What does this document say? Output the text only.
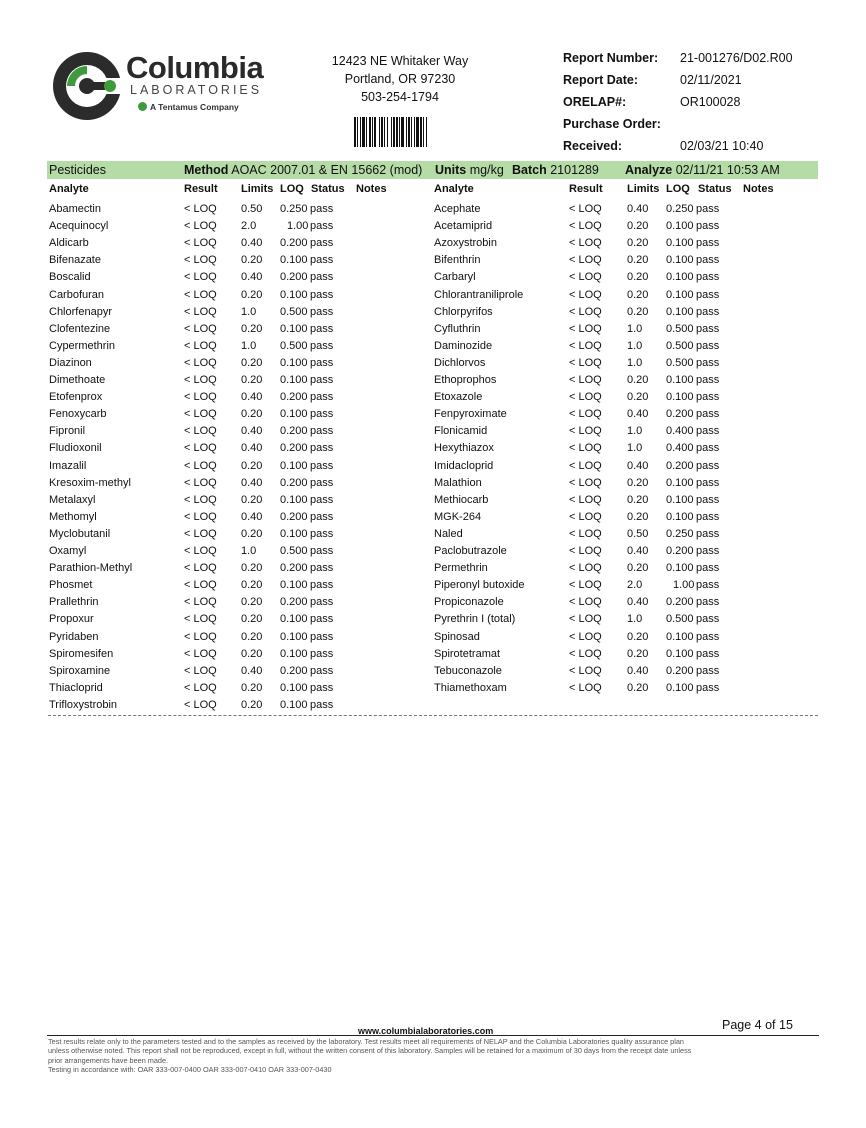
Columbia
LABORATORIES
A Tentamus Company
12423 NE Whitaker Way
Portland, OR 97230
503-254-1794
Report Number: 21-001276/D02.R00
Report Date:	02/11/2021
ORELAP#:	OR100028
Purchase Order:
Received:	02/03/21 10:40
Pesticides	Method AOAC 2007.01 & EN 15662 (mod) Units mg/kg Batch 2101289 Analyze 02/11/21 10:53 AM
Analyte	Result Limits LOQ Status Notes	Analyte	Result Limits LOQ Status Notes
Abamectin	< LOQ 0.50 0.250 pass
Acequinocyl	< LOQ 2.0	1.00 pass
Aldicarb	< LOQ 0.40 0.200 pass
Bifenazate	< LOQ 0.20 0.100 pass
Boscalid	< LOQ 0.40 0.200 pass
Carbofuran	< LOQ 0.20 0.100 pass
Chlorfenapyr	< LOQ 1.0 0.500 pass
Clofentezine	< LOQ 0.20 0.100 pass
Cypermethrin	< LOQ 1.0 0.500 pass
Diazinon	< LOQ 0.20 0.100 pass
Dimethoate	< LOQ 0.20 0.100 pass
Etofenprox	< LOQ 0.40 0.200 pass
Fenoxycarb	< LOQ 0.20 0.100 pass
Fipronil	< LOQ 0.40 0.200 pass
Fludioxonil	< LOQ 0.40 0.200 pass
Imazalil	< LOQ 0.20 0.100 pass
Kresoxim-methyl	< LOQ 0.40 0.200 pass
Metalaxyl	< LOQ 0.20 0.100 pass
Methomyl	< LOQ 0.40 0.200 pass
Myclobutanil	< LOQ 0.20 0.100 pass
Oxamyl	< LOQ 1.0 0.500 pass
Parathion-Methyl	< LOQ 0.20 0.200 pass
Phosmet	< LOQ 0.20 0.100 pass
Prallethrin	< LOQ 0.20 0.200 pass
Propoxur	< LOQ 0.20 0.100 pass
Pyridaben	< LOQ 0.20 0.100 pass
Spiromesifen	< LOQ 0.20 0.100 pass
Spiroxamine	< LOQ 0.40 0.200 pass
Thiacloprid	< LOQ 0.20 0.100 pass
Trifloxystrobin	< LOQ 0.20 0.100 pass
Acephate	< LOQ 0.40 0.250 pass
Acetamiprid	< LOQ 0.20 0.100 pass
Azoxystrobin	< LOQ 0.20 0.100 pass
Bifenthrin	< LOQ 0.20 0.100 pass
Carbaryl	< LOQ 0.20 0.100 pass
Chlorantraniliprole	< LOQ 0.20 0.100 pass
Chlorpyrifos	< LOQ 0.20 0.100 pass
Cyfluthrin	< LOQ 1.0 0.500 pass
Daminozide	< LOQ 1.0 0.500 pass
Dichlorvos	< LOQ 1.0 0.500 pass
Ethoprophos	< LOQ 0.20 0.100 pass
Etoxazole	< LOQ 0.20 0.100 pass
Fenpyroximate	< LOQ 0.40 0.200 pass
Flonicamid	< LOQ 1.0 0.400 pass
Hexythiazox	< LOQ 1.0 0.400 pass
Imidacloprid	< LOQ 0.40 0.200 pass
Malathion	< LOQ 0.20 0.100 pass
Methiocarb	< LOQ 0.20 0.100 pass
MGK-264	< LOQ 0.20 0.100 pass
Naled	< LOQ 0.50 0.250 pass
Paclobutrazole	< LOQ 0.40 0.200 pass
Permethrin	< LOQ 0.20 0.100 pass
Piperonyl butoxide	< LOQ 2.0	1.00 pass
Propiconazole	< LOQ 0.40 0.200 pass
Pyrethrin I (total)	< LOQ 1.0 0.500 pass
Spinosad	< LOQ 0.20 0.100 pass
Spirotetramat	< LOQ 0.20 0.100 pass
Tebuconazole	< LOQ 0.40 0.200 pass
Thiamethoxam	< LOQ 0.20 0.100 pass
Page 4 of 15
www.columbialaboratories.com
Test results relate only to the parameters tested and to the samples as received by the laboratory. Test results meet all requirements of NELAP and the Columbia Laboratories quality assurance plan
unless otherwise noted. This report shall not be reproduced, except in full, without the written consent of this laboratory. Samples will be retained for a maximum of 30 days from the receipt date unless
prior arrangements have been made.
Testing in accordance with: OAR 333-007-0400 OAR 333-007-0410 OAR 333-007-0430
